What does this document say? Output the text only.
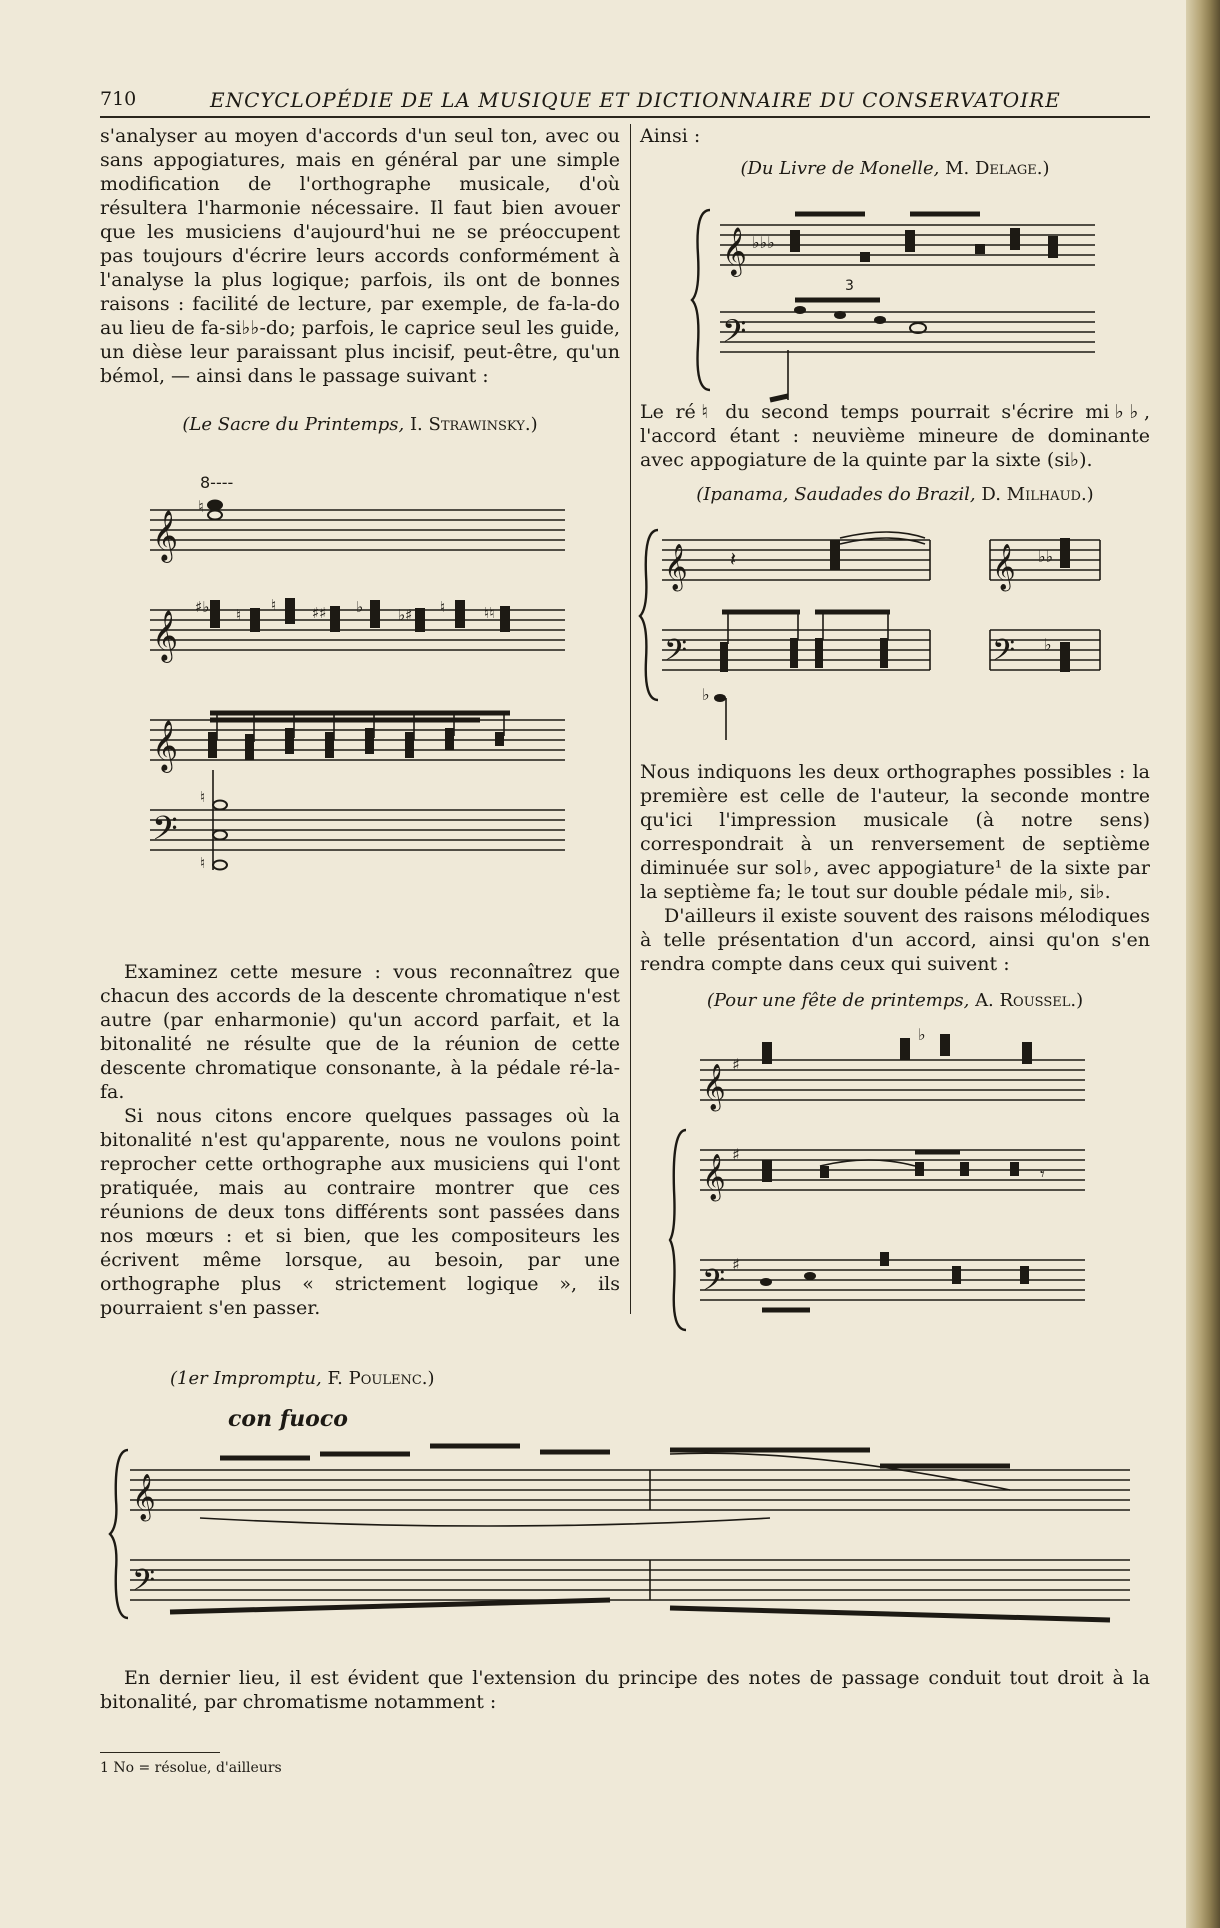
710	ENCYCLOPÉDIE DE LA MUSIQUE ET DICTIONNAIRE DU CONSERVATOIRE

s'analyser au moyen d'accords d'un seul ton, avec ou sans appogiatures, mais en général par une simple modification de l'orthographe musicale, d'où résultera l'harmonie nécessaire. Il faut bien avouer que les musiciens d'aujourd'hui ne se préoccupent pas toujours d'écrire leurs accords conformément à l'analyse la plus logique; parfois, ils ont de bonnes raisons : facilité de lecture, par exemple, de fa-la-do au lieu de fa-si♭♭-do; parfois, le caprice seul les guide, un dièse leur paraissant plus incisif, peut-être, qu'un bémol, — ainsi dans le passage suivant :

(Le Sacre du Printemps, I. Strawinsky.)

8----
𝄞
♮
𝄞
♯♭ ♮
♮ ♯♯ ♭ ♭♯ ♮	♮♮
𝄞
𝄢
♮
♮

Examinez cette mesure : vous reconnaîtrez que chacun des accords de la descente chromatique n'est autre (par enharmonie) qu'un accord parfait, et la bitonalité ne résulte que de la réunion de cette descente chromatique consonante, à la pédale ré-la-fa.

Si nous citons encore quelques passages où la bitonalité n'est qu'apparente, nous ne voulons point reprocher cette orthographe aux musiciens qui l'ont pratiquée, mais au contraire montrer que ces réunions de deux tons différents sont passées dans nos mœurs : et si bien, que les compositeurs les écrivent même lorsque, au besoin, par une orthographe plus « strictement logique », ils pourraient s'en passer.

Ainsi :

(Du Livre de Monelle, M. Delage.)

𝄞 ♭♭♭
3
𝄢

Le ré♮ du second temps pourrait s'écrire mi♭♭, l'accord étant : neuvième mineure de dominante avec appogiature de la quinte par la sixte (si♭).

(Ipanama, Saudades do Brazil, D. Milhaud.)

𝄞 𝄽
𝄢
♭
𝄞 ♭♭
𝄢 ♭

Nous indiquons les deux orthographes possibles : la première est celle de l'auteur, la seconde montre qu'ici l'impression musicale (à notre sens) correspondrait à un renversement de septième diminuée sur sol♭, avec appogiature¹ de la sixte par la septième fa; le tout sur double pédale mi♭, si♭.

D'ailleurs il existe souvent des raisons mélodiques à telle présentation d'un accord, ainsi qu'on s'en rendra compte dans ceux qui suivent :

(Pour une fête de printemps, A. Roussel.)

𝄞 ♯
♭
𝄞 ♯
𝄾
𝄢 ♯

(1er Impromptu, F. Poulenc.)

con fuoco
𝄞
𝄢

En dernier lieu, il est évident que l'extension du principe des notes de passage conduit tout droit à la bitonalité, par chromatisme notamment :

1 No = résolue, d'ailleurs
